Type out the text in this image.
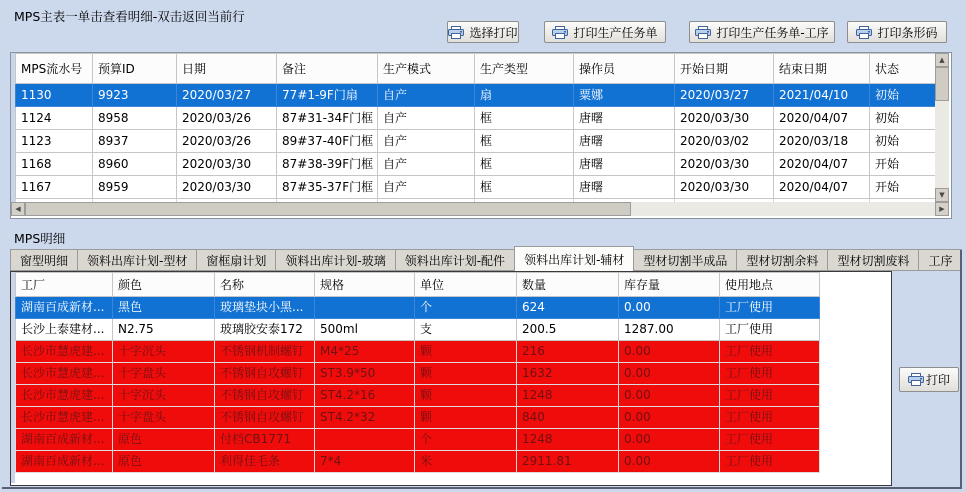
MPS主表一单击查看明细-双击返回当前行
选择打印	打印生产任务单	打印生产任务单-工序	打印条形码
MPS流水号	预算ID	日期	备注	生产模式	生产类型	操作员	开始日期	结束日期	状态
1130	9923	2020/03/27	77#1-9F门扇	自产	扇	粟娜	2020/03/27	2021/04/10	初始
1124	8958	2020/03/26	87#31-34F门框	自产	框	唐曙	2020/03/30	2020/04/07	初始
1123	8937	2020/03/26	89#37-40F门框	自产	框	唐曙	2020/03/02	2020/03/18	初始
1168	8960	2020/03/30	87#38-39F门框	自产	框	唐曙	2020/03/30	2020/04/07	开始
1167	8959	2020/03/30	87#35-37F门框	自产	框	唐曙	2020/03/30	2020/04/07	开始

▲
▼
◀	▶
MPS明细
窗型明细	领料出库计划-型材	窗框扇计划	领料出库计划-玻璃	领料出库计划-配件	领料出库计划-辅材	型材切割半成品	型材切割余料	型材切割废料	工序
工厂	颜色	名称	规格	单位	数量	库存量	使用地点
湖南百成新材...	黑色	玻璃垫块小黑...		个	624	0.00	工厂使用
长沙上泰建材...	N2.75	玻璃胶安泰172	500ml	支	200.5	1287.00	工厂使用
长沙市慧虎建...	十字沉头	不锈钢机制螺钉	M4*25	颗	216	0.00	工厂使用
长沙市慧虎建...	十字盘头	不锈钢自攻螺钉	ST3.9*50	颗	1632	0.00	工厂使用
长沙市慧虎建...	十字沉头	不锈钢自攻螺钉	ST4.2*16	颗	1248	0.00	工厂使用
长沙市慧虎建...	十字盘头	不锈钢自攻螺钉	ST4.2*32	颗	840	0.00	工厂使用
湖南百成新材...	原色	付档CB1771		个	1248	0.00	工厂使用
湖南百成新材...	原色	利得佳毛条	7*4	米	2911.81	0.00	工厂使用
打印
